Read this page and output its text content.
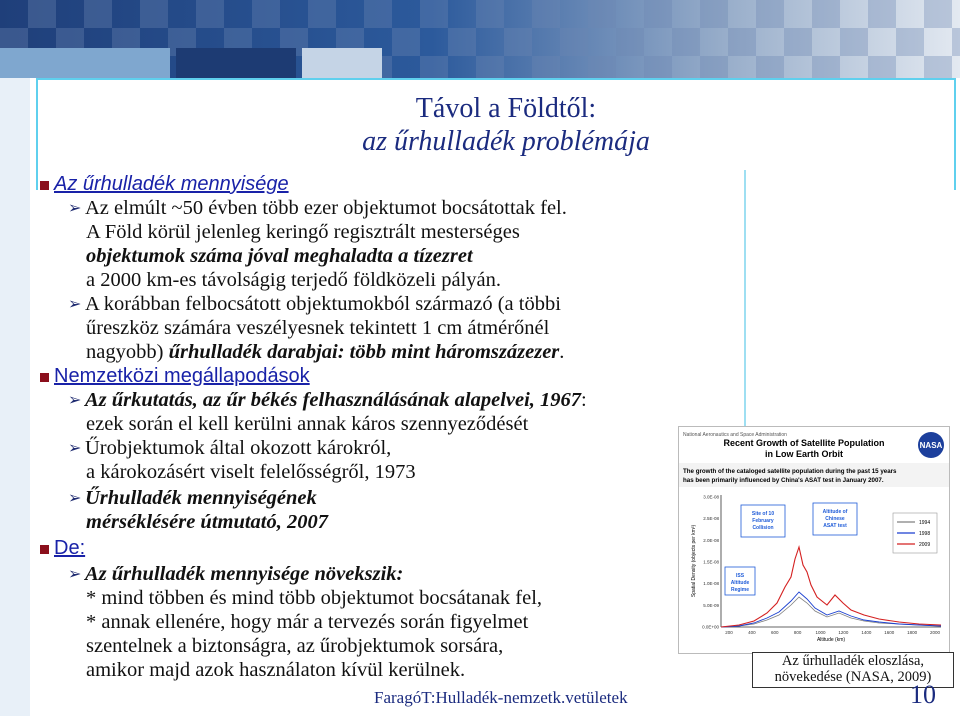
Távol a Földtől:
az űrhulladék problémája
Az űrhulladék mennyisége
➢ Az elmúlt ~50 évben több ezer objektumot bocsátottak fel.
A Föld körül jelenleg keringő regisztrált mesterséges
objektumok száma jóval meghaladta a tízezret
a 2000 km-es távolságig terjedő földközeli pályán.
➢ A korábban felbocsátott objektumokból származó (a többi
űreszköz számára veszélyesnek tekintett 1 cm átmérőnél
nagyobb) űrhulladék darabjai: több mint háromszázezer.
Nemzetközi megállapodások
➢ Az űrkutatás, az űr békés felhasználásának alapelvei, 1967:
ezek során el kell kerülni annak káros szennyeződését
➢ Űrobjektumok által okozott károkról,
a károkozásért viselt felelősségről, 1973
➢ Űrhulladék mennyiségének
mérséklésére útmutató, 2007
De:
➢ Az űrhulladék mennyisége növekszik:
* mind többen és mind több objektumot bocsátanak fel,
* annak ellenére, hogy már a tervezés során figyelmet
szentelnek a biztonságra, az űrobjektumok sorsára,
amikor majd azok használaton kívül kerülnek.
National Aeronautics and Space Administration
NASA
Recent Growth of Satellite Population
in Low Earth Orbit
The growth of the cataloged satellite population during the past 15 years
has been primarily influenced by China's ASAT test in January 2007.
3.0E-08
2.5E-08
2.0E-08
1.5E-08
1.0E-08
5.0E-09
0.0E+00
200	400	600	800	1000	1200	1400	1600	1800	2000
Spatial Density (objects per km³)
Altitude (km)
Site of 10 February Collision
Altitude of Chinese ASAT test
ISS Altitude Regime
1994
1998
2009
Az űrhulladék eloszlása,
növekedése (NASA, 2009)
FaragóT:Hulladék-nemzetk.vetületek	10
